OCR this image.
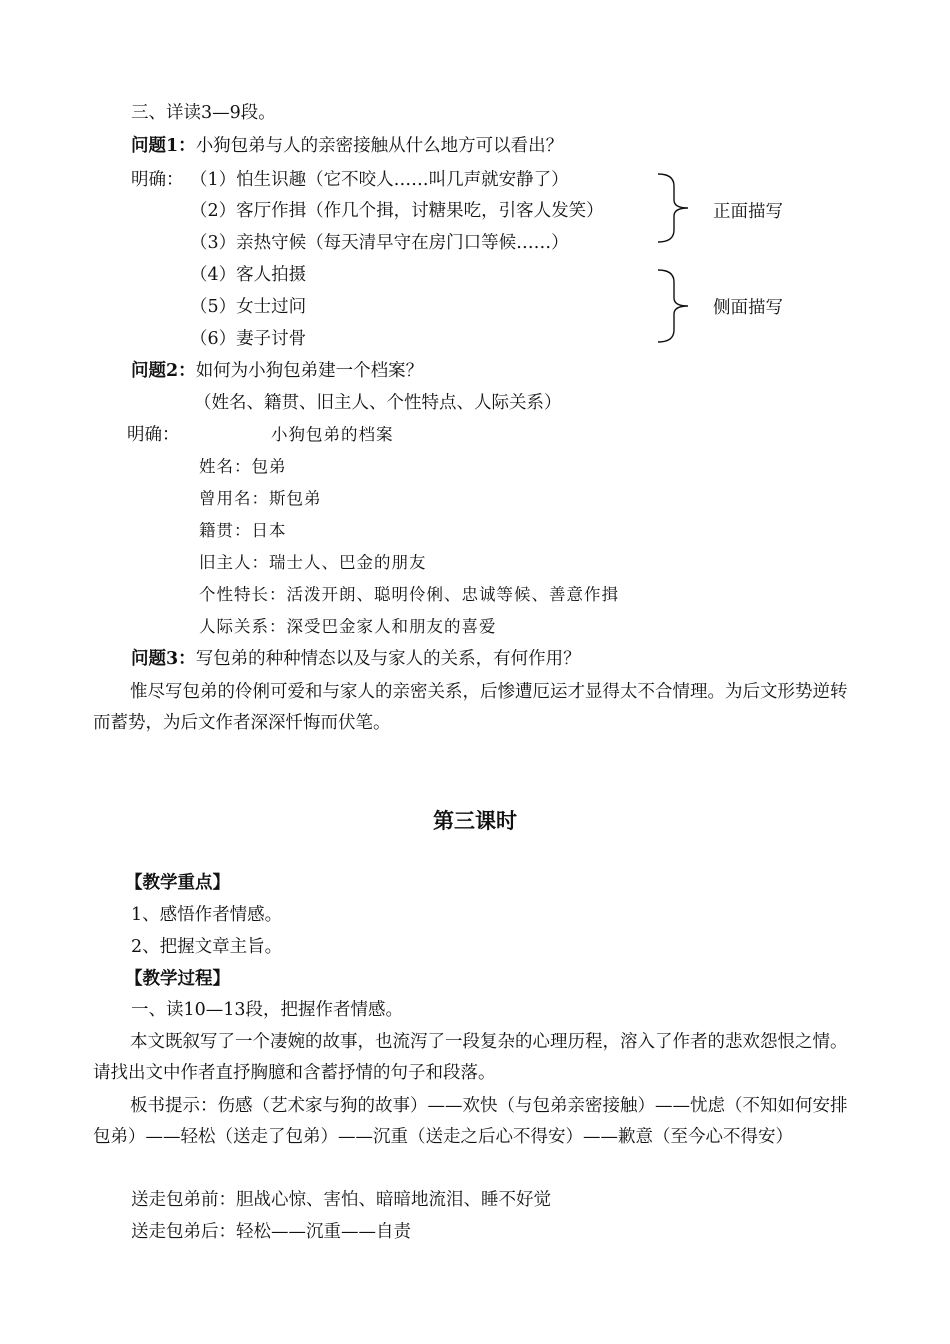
三、详读3—9段。
问题1：小狗包弟与人的亲密接触从什么地方可以看出？
明确： （1）怕生识趣（它不咬人……叫几声就安静了）
（2）客厅作揖（作几个揖，讨糖果吃，引客人发笑）
（3）亲热守候（每天清早守在房门口等候……）
（4）客人拍摄
（5）女士过问
（6）妻子讨骨
正面描写
侧面描写
问题2：如何为小狗包弟建一个档案？
（姓名、籍贯、旧主人、个性特点、人际关系）
明确：	小狗包弟的档案
姓名：包弟
曾用名：斯包弟
籍贯：日本
旧主人：瑞士人、巴金的朋友
个性特长：活泼开朗、聪明伶俐、忠诚等候、善意作揖
人际关系：深受巴金家人和朋友的喜爱
问题3：写包弟的种种情态以及与家人的关系，有何作用？
惟尽写包弟的伶俐可爱和与家人的亲密关系，后惨遭厄运才显得太不合情理。为后文形势逆转而蓄势，为后文作者深深忏悔而伏笔。
第三课时
【教学重点】
1、感悟作者情感。
2、把握文章主旨。
【教学过程】
一、读10—13段，把握作者情感。
本文既叙写了一个凄婉的故事，也流泻了一段复杂的心理历程，溶入了作者的悲欢怨恨之情。请找出文中作者直抒胸臆和含蓄抒情的句子和段落。
板书提示：伤感（艺术家与狗的故事）——欢快（与包弟亲密接触）——忧虑（不知如何安排包弟）——轻松（送走了包弟）——沉重（送走之后心不得安）——歉意（至今心不得安）
送走包弟前：胆战心惊、害怕、暗暗地流泪、睡不好觉
送走包弟后：轻松——沉重——自责
